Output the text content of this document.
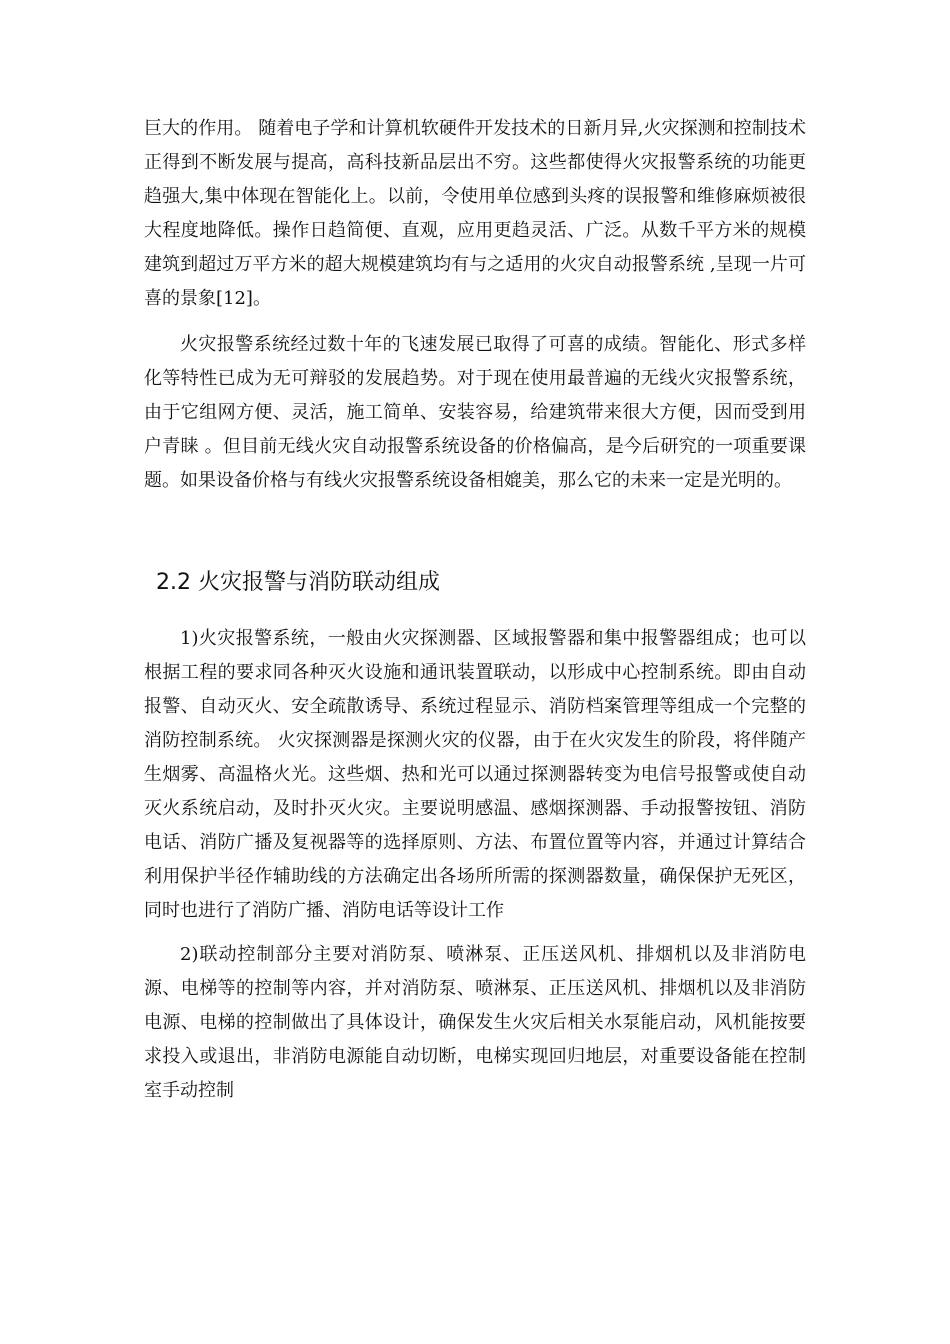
巨大的作用。 随着电子学和计算机软硬件开发技术的日新月异,火灾探测和控制技术正得到不断发展与提高，高科技新品层出不穷。这些都使得火灾报警系统的功能更趋强大,集中体现在智能化上。以前，令使用单位感到头疼的误报警和维修麻烦被很大程度地降低。操作日趋简便、直观，应用更趋灵活、广泛。从数千平方米的规模建筑到超过万平方米的超大规模建筑均有与之适用的火灾自动报警系统 ,呈现一片可喜的景象[12]。

火灾报警系统经过数十年的飞速发展已取得了可喜的成绩。智能化、形式多样化等特性已成为无可辩驳的发展趋势。对于现在使用最普遍的无线火灾报警系统，由于它组网方便、灵活，施工简单、安装容易，给建筑带来很大方便，因而受到用户青睐 。但目前无线火灾自动报警系统设备的价格偏高，是今后研究的一项重要课题。如果设备价格与有线火灾报警系统设备相媲美，那么它的未来一定是光明的。

2.2 火灾报警与消防联动组成

1)火灾报警系统，一般由火灾探测器、区域报警器和集中报警器组成；也可以根据工程的要求同各种灭火设施和通讯装置联动，以形成中心控制系统。即由自动报警、自动灭火、安全疏散诱导、系统过程显示、消防档案管理等组成一个完整的消防控制系统。 火灾探测器是探测火灾的仪器，由于在火灾发生的阶段，将伴随产生烟雾、高温格火光。这些烟、热和光可以通过探测器转变为电信号报警或使自动灭火系统启动，及时扑灭火灾。主要说明感温、感烟探测器、手动报警按钮、消防电话、消防广播及复视器等的选择原则、方法、布置位置等内容，并通过计算结合利用保护半径作辅助线的方法确定出各场所所需的探测器数量，确保保护无死区，同时也进行了消防广播、消防电话等设计工作

2)联动控制部分主要对消防泵、喷淋泵、正压送风机、排烟机以及非消防电源、电梯等的控制等内容，并对消防泵、喷淋泵、正压送风机、排烟机以及非消防电源、电梯的控制做出了具体设计，确保发生火灾后相关水泵能启动，风机能按要求投入或退出，非消防电源能自动切断，电梯实现回归地层，对重要设备能在控制室手动控制
